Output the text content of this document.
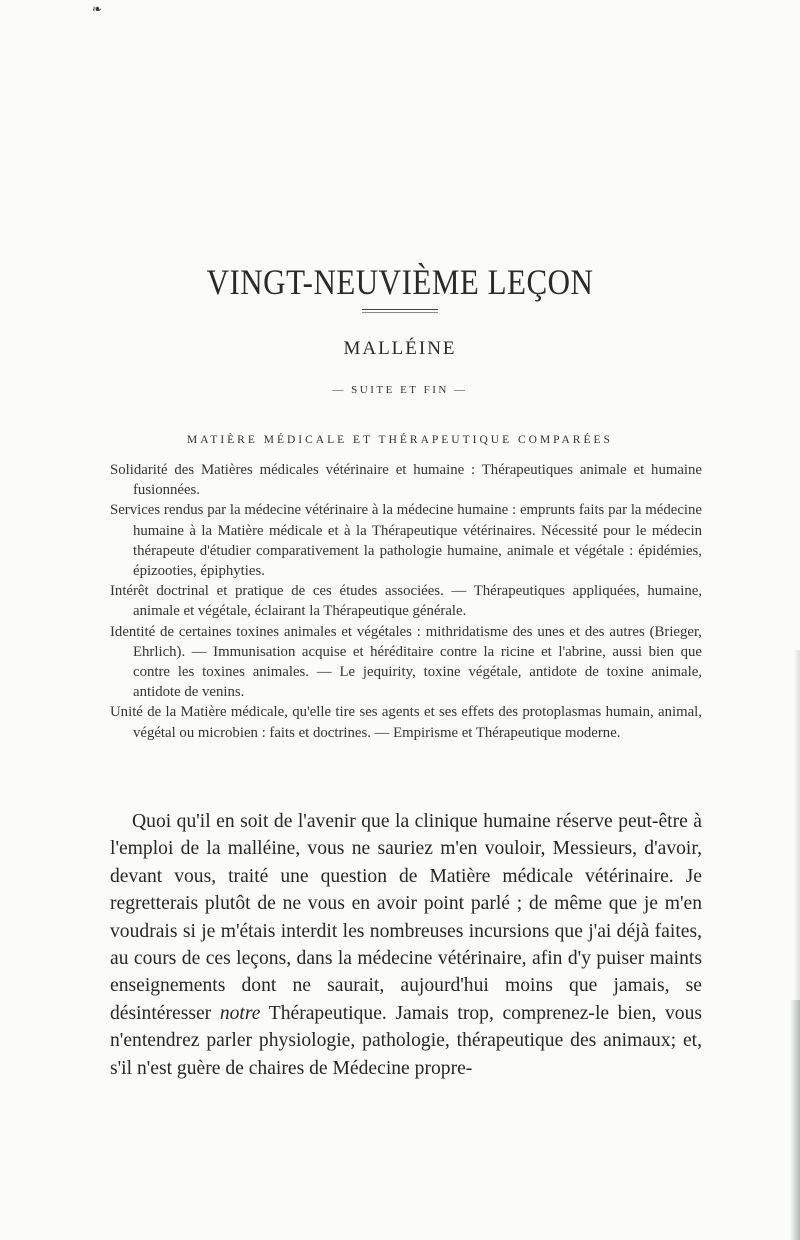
❧
VINGT-NEUVIÈME LEÇON
MALLÉINE
— SUITE ET FIN —
MATIÈRE MÉDICALE ET THÉRAPEUTIQUE COMPARÉES

Solidarité des Matières médicales vétérinaire et humaine : Thérapeutiques animale et humaine fusionnées.

Services rendus par la médecine vétérinaire à la médecine humaine : emprunts faits par la médecine humaine à la Matière médicale et à la Thérapeutique vétérinaires. Nécessité pour le médecin thérapeute d'étudier comparativement la pathologie humaine, animale et végétale : épidémies, épizooties, épiphyties.

Intérêt doctrinal et pratique de ces études associées. — Thérapeutiques appliquées, humaine, animale et végétale, éclairant la Thérapeutique générale.

Identité de certaines toxines animales et végétales : mithridatisme des unes et des autres (Brieger, Ehrlich). — Immunisation acquise et héréditaire contre la ricine et l'abrine, aussi bien que contre les toxines animales. — Le jequirity, toxine végétale, antidote de toxine animale, antidote de venins.

Unité de la Matière médicale, qu'elle tire ses agents et ses effets des protoplasmas humain, animal, végétal ou microbien : faits et doctrines. — Empirisme et Thérapeutique moderne.

Quoi qu'il en soit de l'avenir que la clinique humaine réserve peut-être à l'emploi de la malléine, vous ne sauriez m'en vouloir, Messieurs, d'avoir, devant vous, traité une question de Matière médicale vétérinaire. Je regretterais plutôt de ne vous en avoir point parlé ; de même que je m'en voudrais si je m'étais interdit les nombreuses incursions que j'ai déjà faites, au cours de ces leçons, dans la médecine vétérinaire, afin d'y puiser maints enseignements dont ne saurait, aujourd'hui moins que jamais, se désintéresser notre Thérapeutique. Jamais trop, comprenez-le bien, vous n'entendrez parler physiologie, pathologie, thérapeutique des animaux; et, s'il n'est guère de chaires de Médecine propre-
